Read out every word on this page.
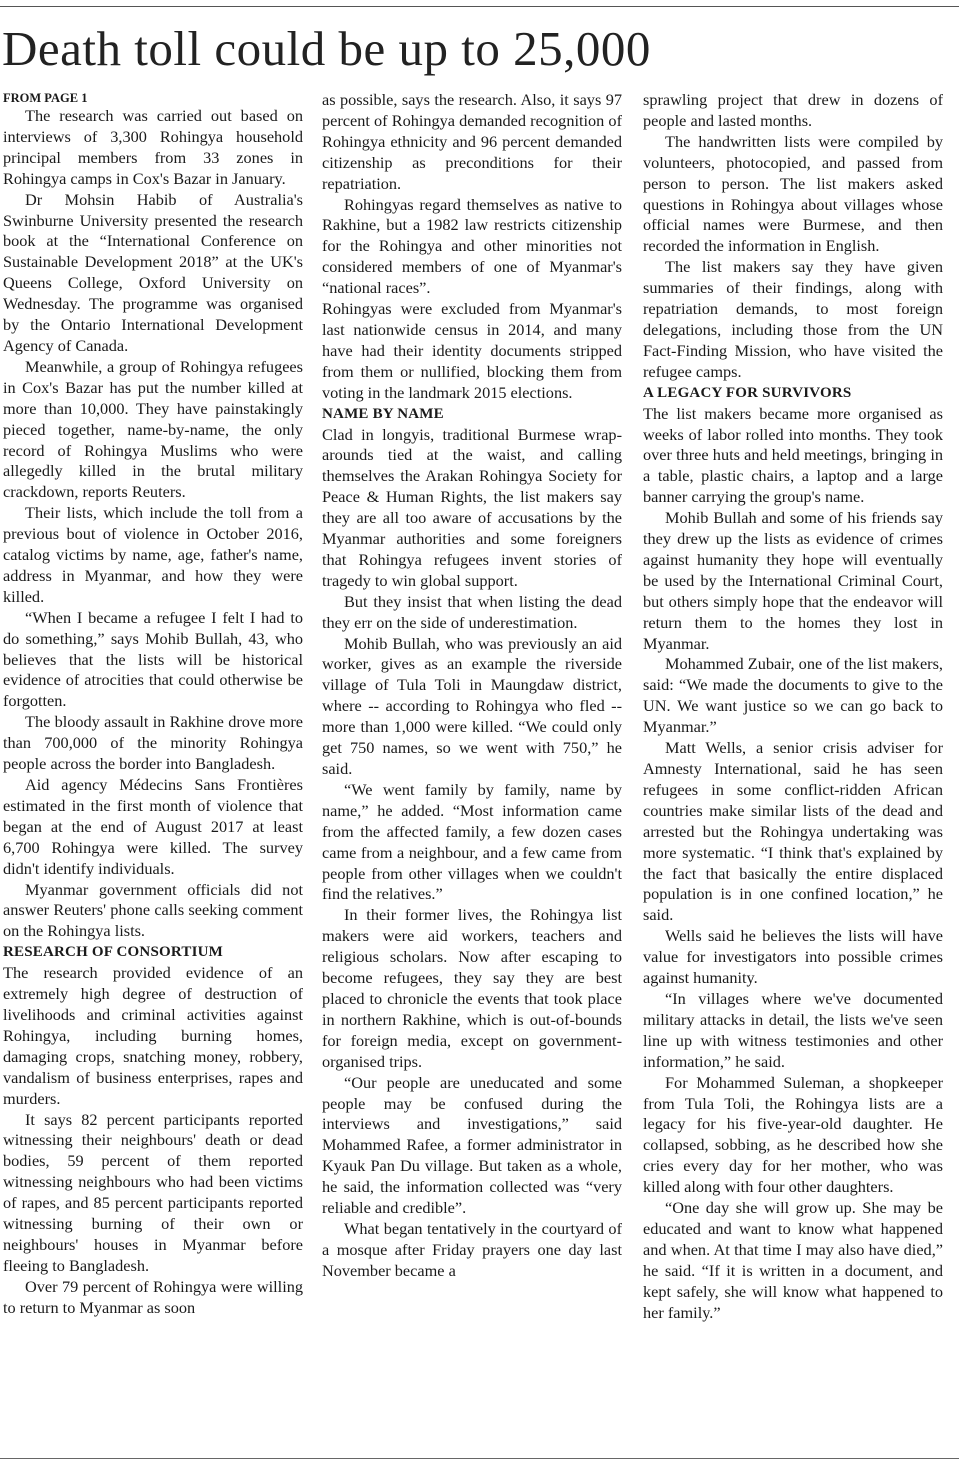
Death toll could be up to 25,000

FROM PAGE 1

The research was carried out based on interviews of 3,300 Rohingya household principal members from 33 zones in Rohingya camps in Cox's Bazar in January.

Dr Mohsin Habib of Australia's Swinburne University presented the research book at the “International Conference on Sustainable Development 2018” at the UK's Queens College, Oxford University on Wednesday. The programme was organised by the Ontario International Development Agency of Canada.

Meanwhile, a group of Rohingya refugees in Cox's Bazar has put the number killed at more than 10,000. They have painstakingly pieced together, name-by-name, the only record of Rohingya Muslims who were allegedly killed in the brutal military crackdown, reports Reuters.

Their lists, which include the toll from a previous bout of violence in October 2016, catalog victims by name, age, father's name, address in Myanmar, and how they were killed.

“When I became a refugee I felt I had to do something,” says Mohib Bullah, 43, who believes that the lists will be historical evidence of atrocities that could otherwise be forgotten.

The bloody assault in Rakhine drove more than 700,000 of the minority Rohingya people across the border into Bangladesh.

Aid agency Médecins Sans Frontières estimated in the first month of violence that began at the end of August 2017 at least 6,700 Rohingya were killed. The survey didn't identify individuals.

Myanmar government officials did not answer Reuters' phone calls seeking comment on the Rohingya lists.

RESEARCH OF CONSORTIUM

The research provided evidence of an extremely high degree of destruction of livelihoods and criminal activities against Rohingya, including burning homes, damaging crops, snatching money, robbery, vandalism of business enterprises, rapes and murders.

It says 82 percent participants reported witnessing their neighbours' death or dead bodies, 59 percent of them reported witnessing neighbours who had been victims of rapes, and 85 percent participants reported witnessing burning of their own or neighbours' houses in Myanmar before fleeing to Bangladesh.

Over 79 percent of Rohingya were willing to return to Myanmar as soon

as possible, says the research. Also, it says 97 percent of Rohingya demanded recognition of Rohingya ethnicity and 96 percent demanded citizenship as preconditions for their repatriation.

Rohingyas regard themselves as native to Rakhine, but a 1982 law restricts citizenship for the Rohingya and other minorities not considered members of one of Myanmar's “national races”.

Rohingyas were excluded from Myanmar's last nationwide census in 2014, and many have had their identity documents stripped from them or nullified, blocking them from voting in the landmark 2015 elections.

NAME BY NAME

Clad in longyis, traditional Burmese wrap-arounds tied at the waist, and calling themselves the Arakan Rohingya Society for Peace & Human Rights, the list makers say they are all too aware of accusations by the Myanmar authorities and some foreigners that Rohingya refugees invent stories of tragedy to win global support.

But they insist that when listing the dead they err on the side of underestimation.

Mohib Bullah, who was previously an aid worker, gives as an example the riverside village of Tula Toli in Maungdaw district, where -- according to Rohingya who fled -- more than 1,000 were killed. “We could only get 750 names, so we went with 750,” he said.

“We went family by family, name by name,” he added. “Most information came from the affected family, a few dozen cases came from a neighbour, and a few came from people from other villages when we couldn't find the relatives.”

In their former lives, the Rohingya list makers were aid workers, teachers and religious scholars. Now after escaping to become refugees, they say they are best placed to chronicle the events that took place in northern Rakhine, which is out-of-bounds for foreign media, except on government-organised trips.

“Our people are uneducated and some people may be confused during the interviews and investigations,” said Mohammed Rafee, a former administrator in Kyauk Pan Du village. But taken as a whole, he said, the information collected was “very reliable and credible”.

What began tentatively in the courtyard of a mosque after Friday prayers one day last November became a

sprawling project that drew in dozens of people and lasted months.

The handwritten lists were compiled by volunteers, photocopied, and passed from person to person. The list makers asked questions in Rohingya about villages whose official names were Burmese, and then recorded the information in English.

The list makers say they have given summaries of their findings, along with repatriation demands, to most foreign delegations, including those from the UN Fact-Finding Mission, who have visited the refugee camps.

A LEGACY FOR SURVIVORS

The list makers became more organised as weeks of labor rolled into months. They took over three huts and held meetings, bringing in a table, plastic chairs, a laptop and a large banner carrying the group's name.

Mohib Bullah and some of his friends say they drew up the lists as evidence of crimes against humanity they hope will eventually be used by the International Criminal Court, but others simply hope that the endeavor will return them to the homes they lost in Myanmar.

Mohammed Zubair, one of the list makers, said: “We made the documents to give to the UN. We want justice so we can go back to Myanmar.”

Matt Wells, a senior crisis adviser for Amnesty International, said he has seen refugees in some conflict-ridden African countries make similar lists of the dead and arrested but the Rohingya undertaking was more systematic. “I think that's explained by the fact that basically the entire displaced population is in one confined location,” he said.

Wells said he believes the lists will have value for investigators into possible crimes against humanity.

“In villages where we've documented military attacks in detail, the lists we've seen line up with witness testimonies and other information,” he said.

For Mohammed Suleman, a shopkeeper from Tula Toli, the Rohingya lists are a legacy for his five-year-old daughter. He collapsed, sobbing, as he described how she cries every day for her mother, who was killed along with four other daughters.

“One day she will grow up. She may be educated and want to know what happened and when. At that time I may also have died,” he said. “If it is written in a document, and kept safely, she will know what happened to her family.”
